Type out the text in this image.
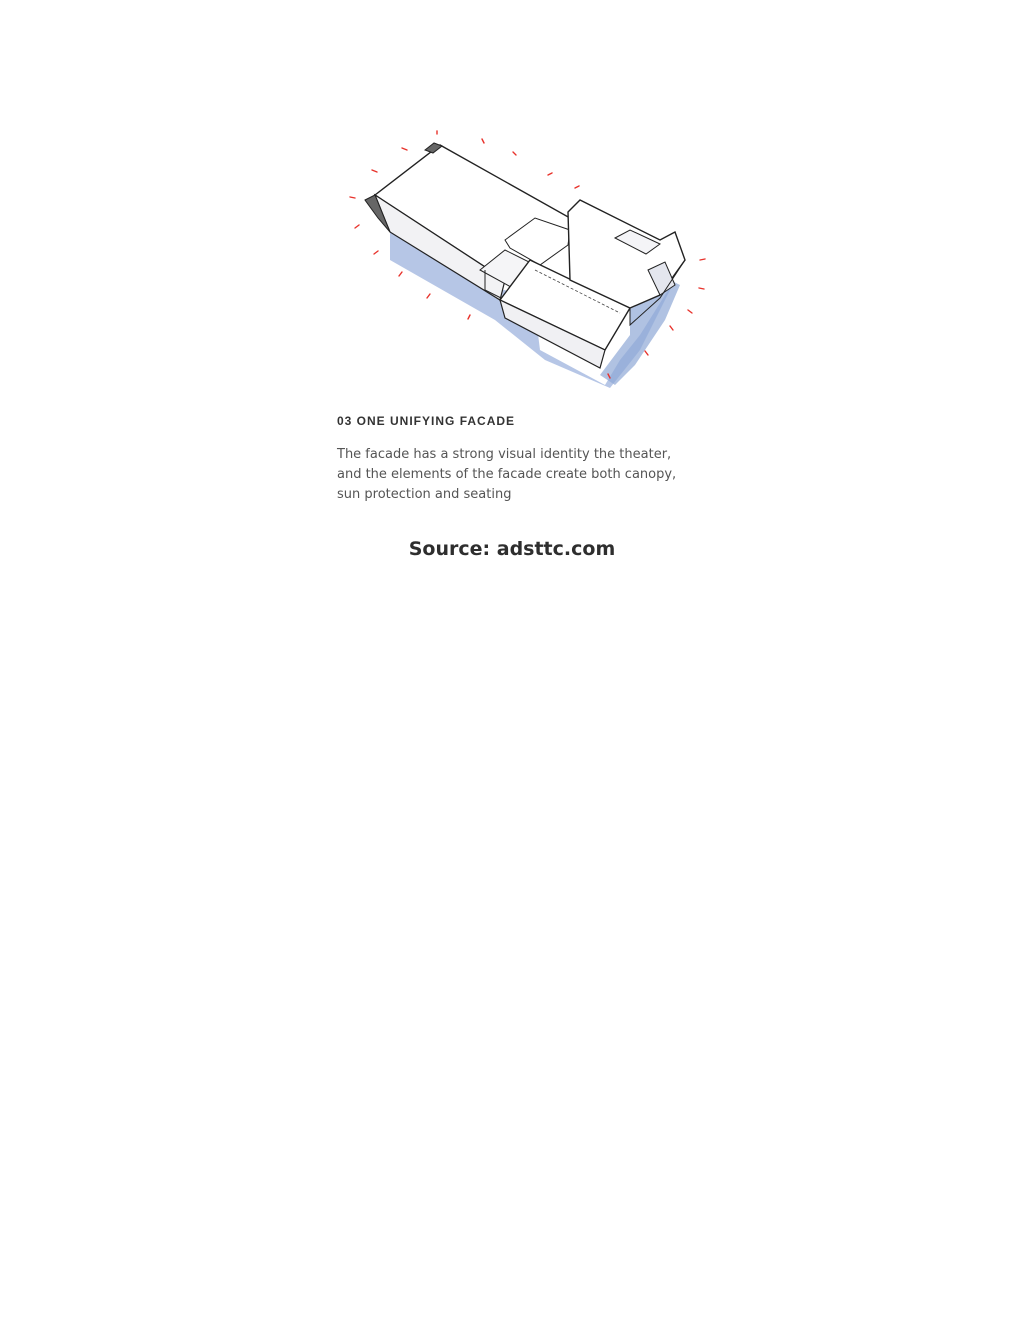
03 ONE UNIFYING FACADE
The facade has a strong visual identity the theater,
and the elements of the facade create both canopy,
sun protection and seating
Source: adsttc.com
